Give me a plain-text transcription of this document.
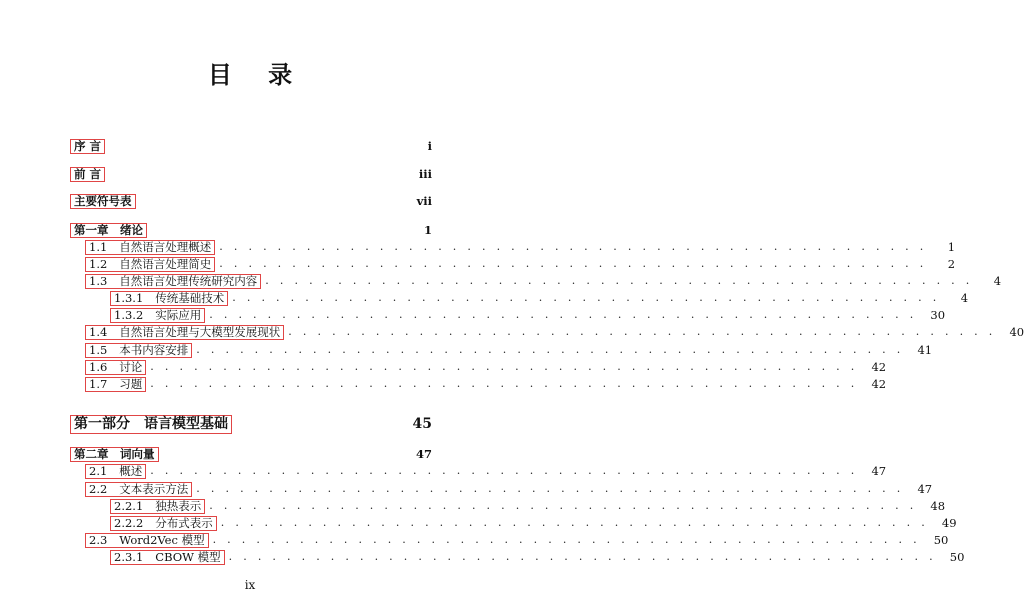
目 录
序 言	i
前 言	iii
主要符号表	vii
第一章　绪论	1
1.1 自然语言处理概述 . . . . . . . . . . . . . . . . . . . . . . . . . . . . . . . . . . . . . . . . . . . . . . . . .	1
1.2 自然语言处理简史 . . . . . . . . . . . . . . . . . . . . . . . . . . . . . . . . . . . . . . . . . . . . . . . . .	2
1.3 自然语言处理传统研究内容 . . . . . . . . . . . . . . . . . . . . . . . . . . . . . . . . . . . . . . . . . . . . . . . . .	4
1.3.1 传统基础技术 . . . . . . . . . . . . . . . . . . . . . . . . . . . . . . . . . . . . . . . . . . . . . . . . .	4
1.3.2 实际应用 . . . . . . . . . . . . . . . . . . . . . . . . . . . . . . . . . . . . . . . . . . . . . . . . .	30
1.4 自然语言处理与大模型发展现状 . . . . . . . . . . . . . . . . . . . . . . . . . . . . . . . . . . . . . . . . . . . . . . . . .	40
1.5 本书内容安排 . . . . . . . . . . . . . . . . . . . . . . . . . . . . . . . . . . . . . . . . . . . . . . . . .	41
1.6 讨论 . . . . . . . . . . . . . . . . . . . . . . . . . . . . . . . . . . . . . . . . . . . . . . . . .	42
1.7 习题 . . . . . . . . . . . . . . . . . . . . . . . . . . . . . . . . . . . . . . . . . . . . . . . . .	42
第一部分　语言模型基础	45
第二章　词向量	47
2.1 概述 . . . . . . . . . . . . . . . . . . . . . . . . . . . . . . . . . . . . . . . . . . . . . . . . .	47
2.2 文本表示方法 . . . . . . . . . . . . . . . . . . . . . . . . . . . . . . . . . . . . . . . . . . . . . . . . .	47
2.2.1 独热表示 . . . . . . . . . . . . . . . . . . . . . . . . . . . . . . . . . . . . . . . . . . . . . . . . .	48
2.2.2 分布式表示 . . . . . . . . . . . . . . . . . . . . . . . . . . . . . . . . . . . . . . . . . . . . . . . . .	49
2.3 Word2Vec 模型 . . . . . . . . . . . . . . . . . . . . . . . . . . . . . . . . . . . . . . . . . . . . . . . . .	50
2.3.1 CBOW 模型 . . . . . . . . . . . . . . . . . . . . . . . . . . . . . . . . . . . . . . . . . . . . . . . . .	50
ix
